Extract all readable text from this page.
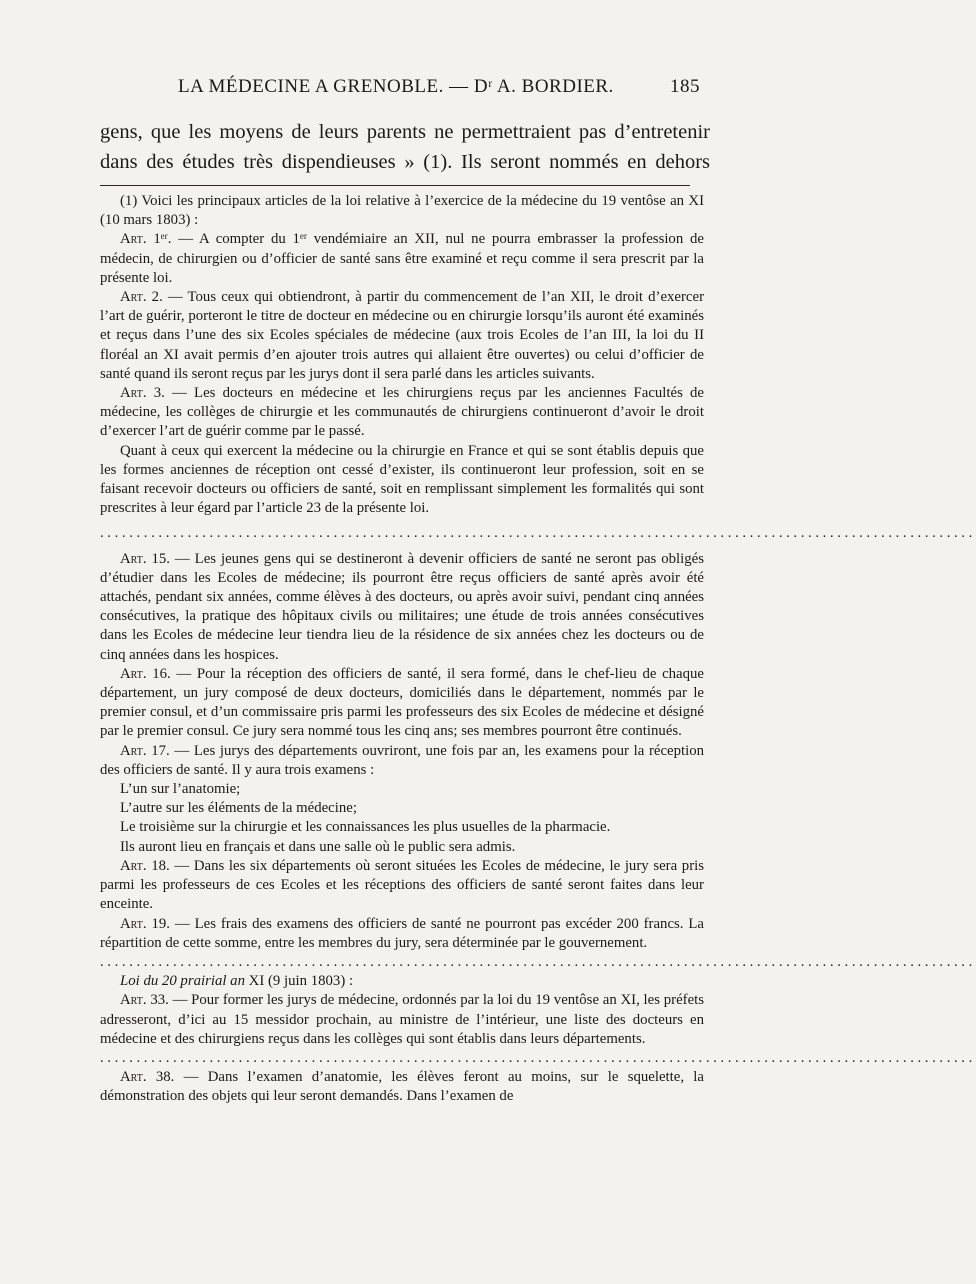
LA MÉDECINE A GRENOBLE. — Dʳ A. BORDIER.	185
gens, que les moyens de leurs parents ne permettraient pas d’entretenir
dans des études très dispendieuses » (1). Ils seront nommés en dehors

(1) Voici les principaux articles de la loi relative à l’exercice de la médecine du 19 ventôse an XI (10 mars 1803) :

Art. 1ᵉʳ. — A compter du 1ᵉʳ vendémiaire an XII, nul ne pourra embrasser la profession de médecin, de chirurgien ou d’officier de santé sans être examiné et reçu comme il sera prescrit par la présente loi.

Art. 2. — Tous ceux qui obtiendront, à partir du commencement de l’an XII, le droit d’exercer l’art de guérir, porteront le titre de docteur en médecine ou en chirurgie lorsqu’ils auront été examinés et reçus dans l’une des six Ecoles spéciales de médecine (aux trois Ecoles de l’an III, la loi du II floréal an XI avait permis d’en ajouter trois autres qui allaient être ouvertes) ou celui d’officier de santé quand ils seront reçus par les jurys dont il sera parlé dans les articles suivants.

Art. 3. — Les docteurs en médecine et les chirurgiens reçus par les anciennes Facultés de médecine, les collèges de chirurgie et les communautés de chirurgiens continueront d’avoir le droit d’exercer l’art de guérir comme par le passé.

Quant à ceux qui exercent la médecine ou la chirurgie en France et qui se sont établis depuis que les formes anciennes de réception ont cessé d’exister, ils continueront leur profession, soit en se faisant recevoir docteurs ou officiers de santé, soit en remplissant simplement les formalités qui sont prescrites à leur égard par l’article 23 de la présente loi.

........................................................................................................................

Art. 15. — Les jeunes gens qui se destineront à devenir officiers de santé ne seront pas obligés d’étudier dans les Ecoles de médecine; ils pourront être reçus officiers de santé après avoir été attachés, pendant six années, comme élèves à des docteurs, ou après avoir suivi, pendant cinq années consécutives, la pratique des hôpitaux civils ou militaires; une étude de trois années consécutives dans les Ecoles de médecine leur tiendra lieu de la résidence de six années chez les docteurs ou de cinq années dans les hospices.

Art. 16. — Pour la réception des officiers de santé, il sera formé, dans le chef-lieu de chaque département, un jury composé de deux docteurs, domiciliés dans le département, nommés par le premier consul, et d’un commissaire pris parmi les professeurs des six Ecoles de médecine et désigné par le premier consul. Ce jury sera nommé tous les cinq ans; ses membres pourront être continués.

Art. 17. — Les jurys des départements ouvriront, une fois par an, les examens pour la réception des officiers de santé. Il y aura trois examens :

L’un sur l’anatomie;

L’autre sur les éléments de la médecine;

Le troisième sur la chirurgie et les connaissances les plus usuelles de la pharmacie.

Ils auront lieu en français et dans une salle où le public sera admis.

Art. 18. — Dans les six départements où seront situées les Ecoles de médecine, le jury sera pris parmi les professeurs de ces Ecoles et les réceptions des officiers de santé seront faites dans leur enceinte.

Art. 19. — Les frais des examens des officiers de santé ne pourront pas excéder 200 francs. La répartition de cette somme, entre les membres du jury, sera déterminée par le gouvernement.

........................................................................................................................

Loi du 20 prairial an XI (9 juin 1803) :

Art. 33. — Pour former les jurys de médecine, ordonnés par la loi du 19 ventôse an XI, les préfets adresseront, d’ici au 15 messidor prochain, au ministre de l’intérieur, une liste des docteurs en médecine et des chirurgiens reçus dans les collèges qui sont établis dans leurs départements.

........................................................................................................................

Art. 38. — Dans l’examen d’anatomie, les élèves feront au moins, sur le squelette, la démonstration des objets qui leur seront demandés. Dans l’examen de
